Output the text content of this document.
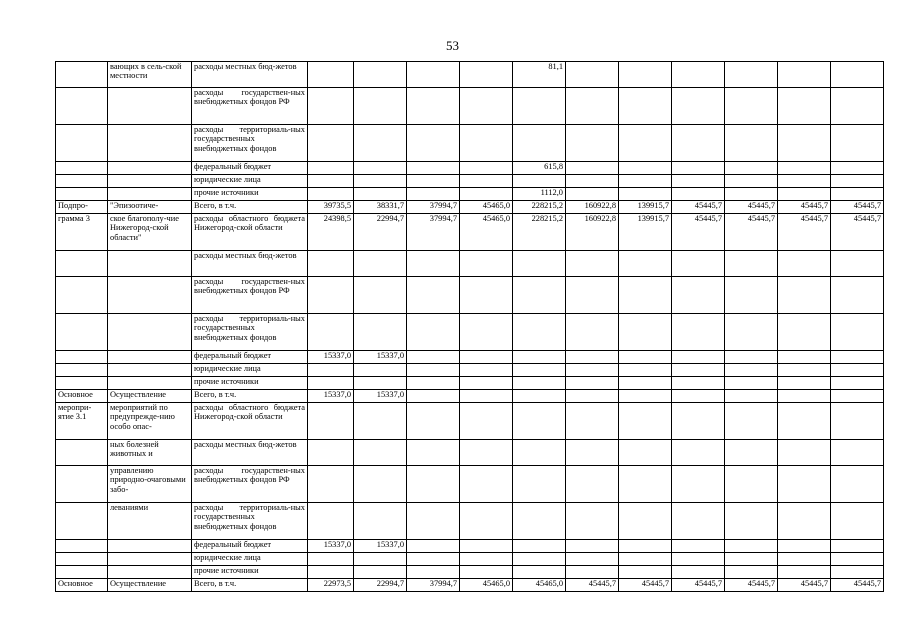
53
	вающих в сель-ской местности	расходы местных бюд-жетов					81,1							
		расходы государствен-ных внебюджетных фондов РФ												
		расходы территориаль-ных государственных внебюджетных фондов												
		федеральный бюджет					615,8							
		юридические лица												
		прочие источники					1112,0							
Подпро-	"Эпизоотиче-	Всего, в т.ч.	39735,5	38331,7	37994,7	45465,0	228215,2	160922,8	139915,7	45445,7	45445,7	45445,7	45445,7	
грамма 3	ское благополу-чие Нижегород-ской области"	расходы областного бюджета Нижегород-ской области	24398,5	22994,7	37994,7	45465,0	228215,2	160922,8	139915,7	45445,7	45445,7	45445,7	45445,7	
		расходы местных бюд-жетов												
		расходы государствен-ных внебюджетных фондов РФ												
		расходы территориаль-ных государственных внебюджетных фондов												
		федеральный бюджет	15337,0	15337,0										
		юридические лица												
		прочие источники												
Основное	Осуществление	Всего, в т.ч.	15337,0	15337,0										
меропри-ятие 3.1	мероприятий по предупрежде-нию особо опас-	расходы областного бюджета Нижегород-ской области												
	ных болезней животных и	расходы местных бюд-жетов												
	управлению природно-очаговыми забо-	расходы государствен-ных внебюджетных фондов РФ												
	леваниями	расходы территориаль-ных государственных внебюджетных фондов												
		федеральный бюджет	15337,0	15337,0										
		юридические лица												
		прочие источники												
Основное	Осуществление	Всего, в т.ч.	22973,5	22994,7	37994,7	45465,0	45465,0	45445,7	45445,7	45445,7	45445,7	45445,7	45445,7	
